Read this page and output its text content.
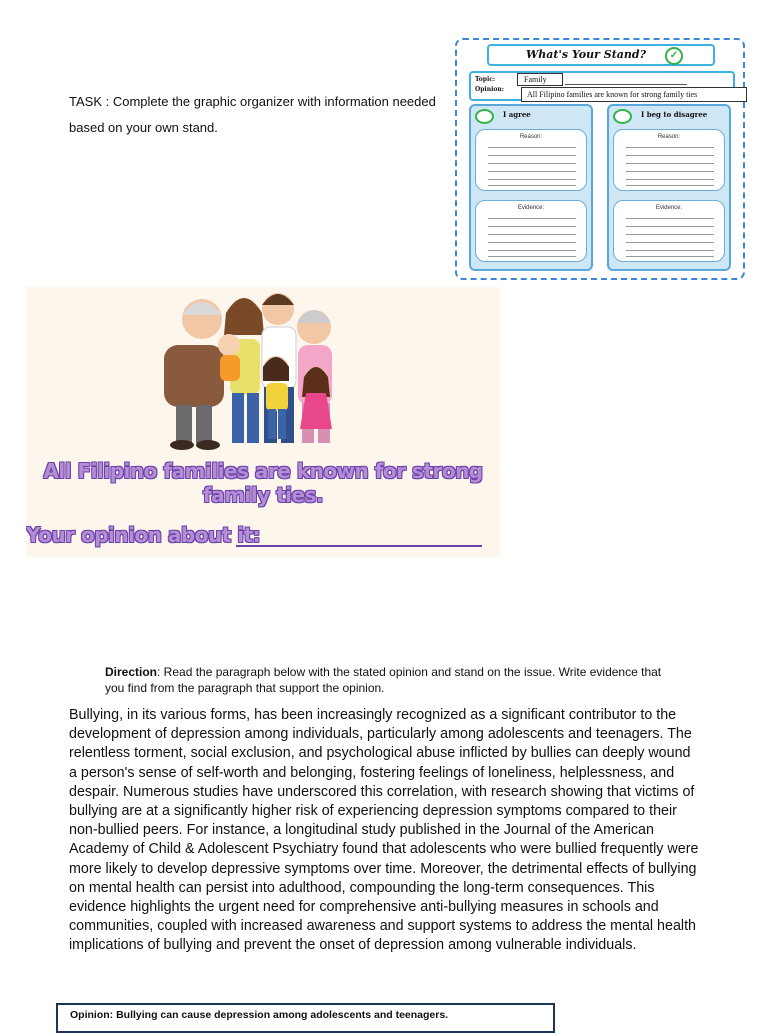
TASK : Complete the graphic organizer with information needed based on your own stand.
What's Your Stand?	✓
Topic:
Opinion:
Family
All Filipino families are known for strong family ties
I agree
Reason:
Evidence:
I beg to disagree
Reason:
Evidence:
All Filipino families are known for strong family ties.
Your opinion about it:
Direction: Read the paragraph below with the stated opinion and stand on the issue. Write evidence that you find from the paragraph that support the opinion.
Bullying, in its various forms, has been increasingly recognized as a significant contributor to the development of depression among individuals, particularly among adolescents and teenagers. The relentless torment, social exclusion, and psychological abuse inflicted by bullies can deeply wound a person's sense of self-worth and belonging, fostering feelings of loneliness, helplessness, and despair. Numerous studies have underscored this correlation, with research showing that victims of bullying are at a significantly higher risk of experiencing depression symptoms compared to their non-bullied peers. For instance, a longitudinal study published in the Journal of the American Academy of Child & Adolescent Psychiatry found that adolescents who were bullied frequently were more likely to develop depressive symptoms over time. Moreover, the detrimental effects of bullying on mental health can persist into adulthood, compounding the long-term consequences. This evidence highlights the urgent need for comprehensive anti-bullying measures in schools and communities, coupled with increased awareness and support systems to address the mental health implications of bullying and prevent the onset of depression among vulnerable individuals.
Opinion: Bullying can cause depression among adolescents and teenagers.
